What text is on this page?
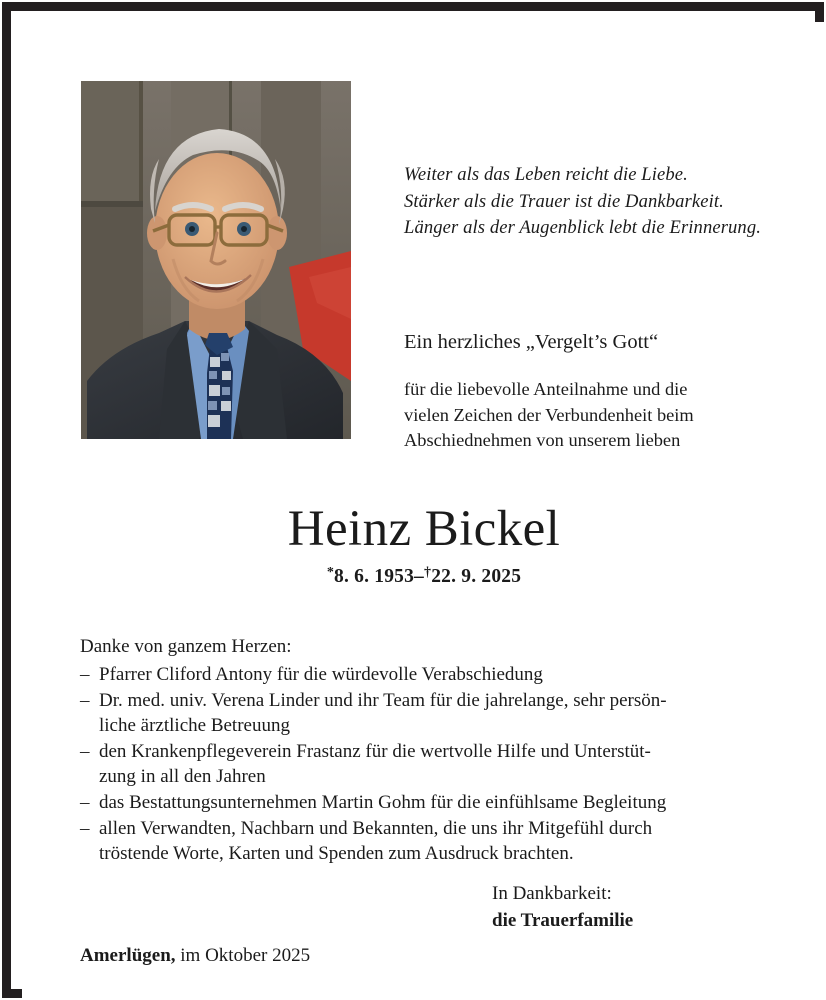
Weiter als das Leben reicht die Liebe.
Stärker als die Trauer ist die Dankbarkeit.
Länger als der Augenblick lebt die Erinnerung.
Ein herzliches „Vergelt’s Gott“
für die liebevolle Anteilnahme und die
vielen Zeichen der Verbundenheit beim
Abschiednehmen von unserem lieben
Heinz Bickel
*8. 6. 1953–†22. 9. 2025
Danke von ganzem Herzen:
– Pfarrer Cliford Antony für die würdevolle Verabschiedung
– Dr. med. univ. Verena Linder und ihr Team für die jahrelange, sehr persön-
liche ärztliche Betreuung
– den Krankenpflegeverein Frastanz für die wertvolle Hilfe und Unterstüt-
zung in all den Jahren
– das Bestattungsunternehmen Martin Gohm für die einfühlsame Begleitung
– allen Verwandten, Nachbarn und Bekannten, die uns ihr Mitgefühl durch
tröstende Worte, Karten und Spenden zum Ausdruck brachten.
In Dankbarkeit:
die Trauerfamilie
Amerlügen, im Oktober 2025
